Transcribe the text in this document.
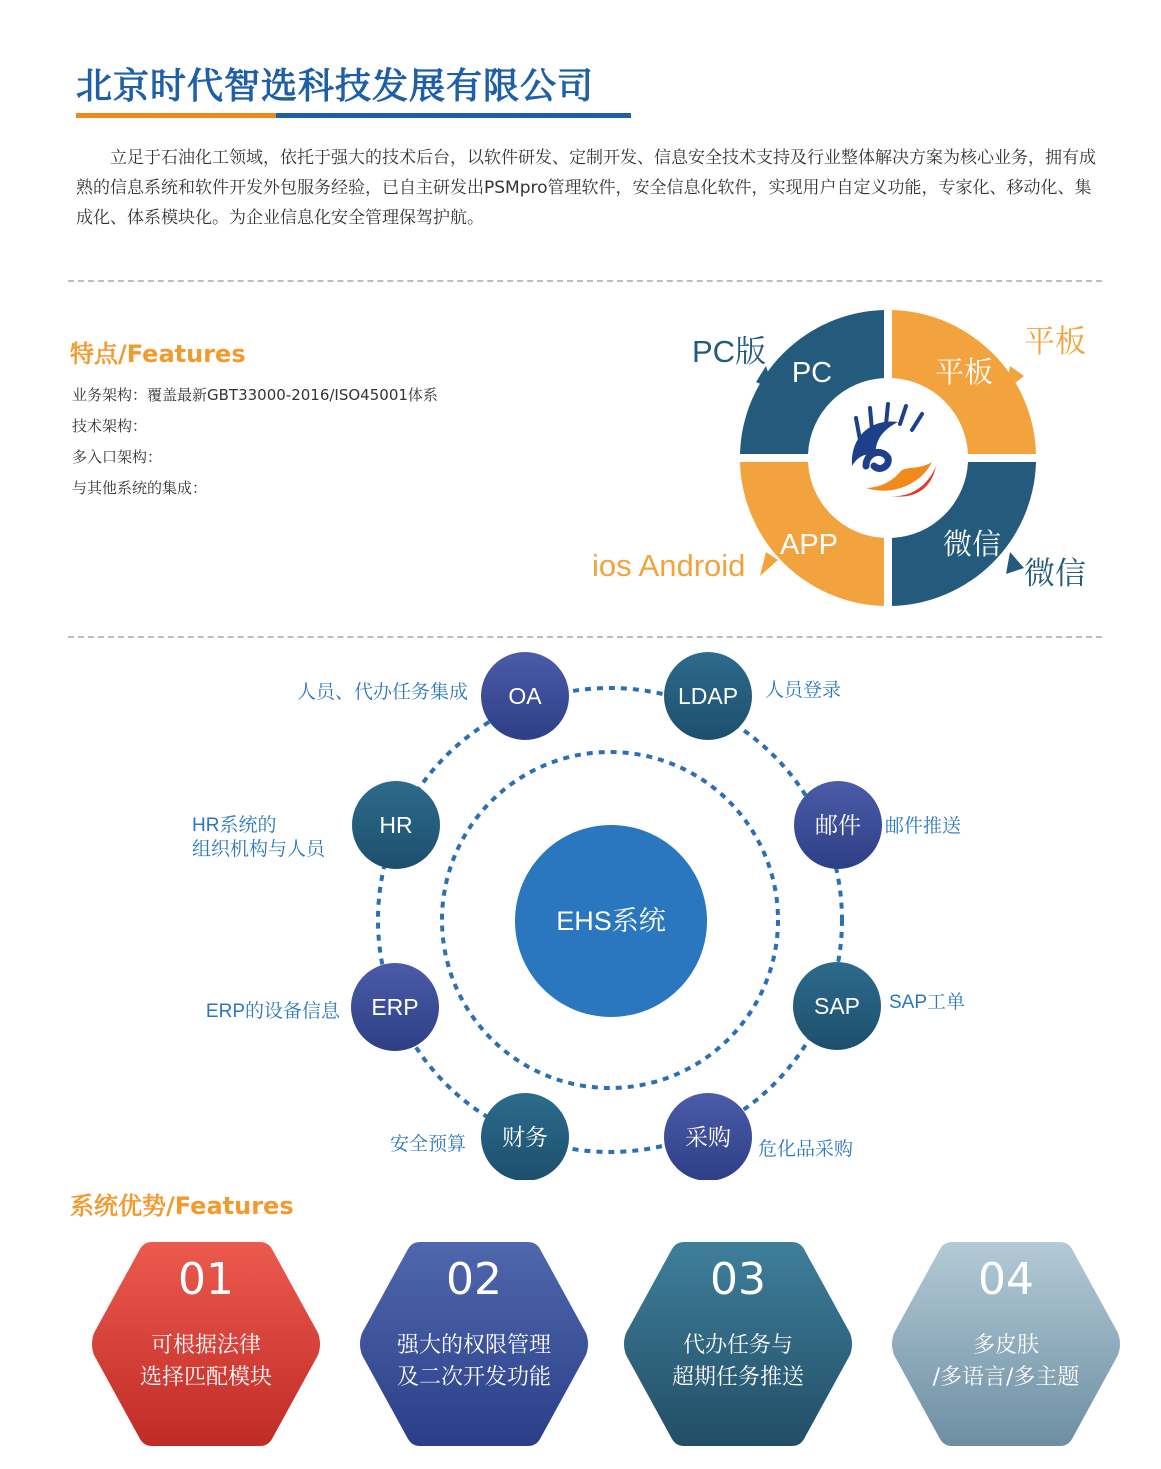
北京时代智选科技发展有限公司

立足于石油化工领域，依托于强大的技术后台，以软件研发、定制开发、信息安全技术支持及行业整体解决方案为核心业务，拥有成熟的信息系统和软件开发外包服务经验，已自主研发出PSMpro管理软件，安全信息化软件，实现用户自定义功能，专家化、移动化、集成化、体系模块化。为企业信息化安全管理保驾护航。

特点/Features
业务架构：覆盖最新GBT33000-2016/ISO45001体系
技术架构：
多入口架构：
与其他系统的集成：
PC	平板
APP	微信
PC版	平板
ios Android	微信
EHS系统
OA	LDAP
邮件
SAP
采购
财务
ERP
HR
人员、代办任务集成	人员登录
邮件推送
SAP工单
危化品采购
安全预算
ERP的设备信息
HR系统的
组织机构与人员
系统优势/Features
01
可根据法律
选择匹配模块
02
强大的权限管理
及二次开发功能
03
代办任务与
超期任务推送
04
多皮肤
/多语言/多主题
